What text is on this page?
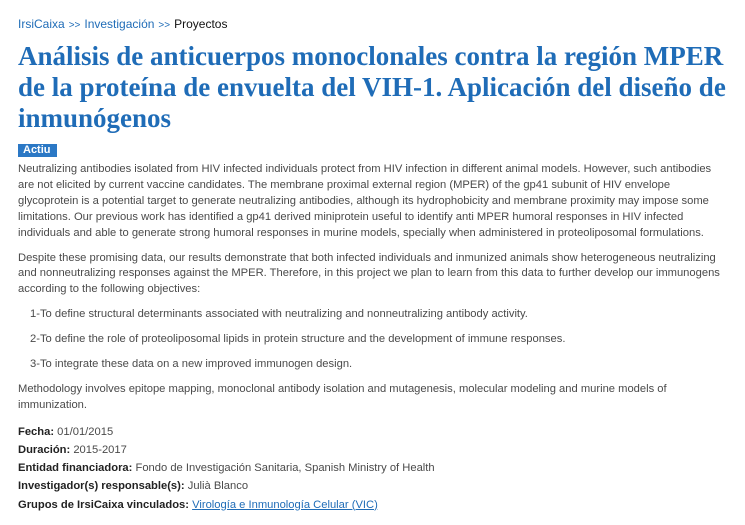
IrsiCaixa >> Investigación >> Proyectos
Análisis de anticuerpos monoclonales contra la región MPER de la proteína de envuelta del VIH-1. Aplicación del diseño de inmunógenos
Actiu

Neutralizing antibodies isolated from HIV infected individuals protect from HIV infection in different animal models. However, such antibodies are not elicited by current vaccine candidates. The membrane proximal external region (MPER) of the gp41 subunit of HIV envelope glycoprotein is a potential target to generate neutralizing antibodies, although its hydrophobicity and membrane proximity may impose some limitations. Our previous work has identified a gp41 derived miniprotein useful to identify anti MPER humoral responses in HIV infected individuals and able to generate strong humoral responses in murine models, specially when administered in proteoliposomal formulations.

Despite these promising data, our results demonstrate that both infected individuals and inmunized animals show heterogeneous neutralizing and nonneutralizing responses against the MPER. Therefore, in this project we plan to learn from this data to further develop our immunogens according to the following objectives:

1-To define structural determinants associated with neutralizing and nonneutralizing antibody activity.

2-To define the role of proteoliposomal lipids in protein structure and the development of immune responses.

3-To integrate these data on a new improved immunogen design.

Methodology involves epitope mapping, monoclonal antibody isolation and mutagenesis, molecular modeling and murine models of immunization.

Fecha: 01/01/2015
Duración: 2015-2017
Entidad financiadora: Fondo de Investigación Sanitaria, Spanish Ministry of Health
Investigador(s) responsable(s): Julià Blanco
Grupos de IrsiCaixa vinculados: Virología e Inmunología Celular (VIC)
